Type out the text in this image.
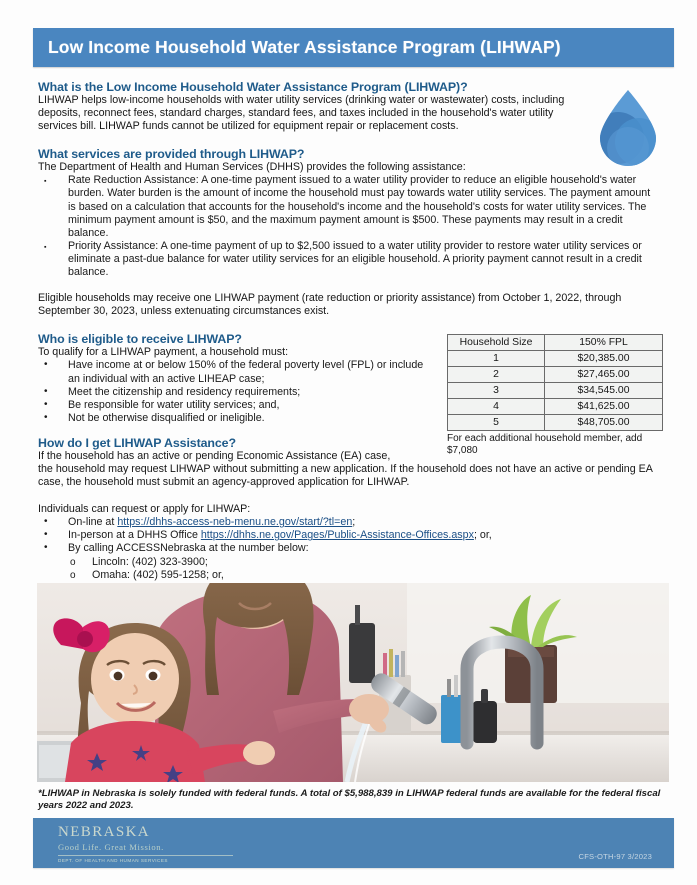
Low Income Household Water Assistance Program (LIHWAP)
What is the Low Income Household Water Assistance Program (LIHWAP)?
LIHWAP helps low-income households with water utility services (drinking water or wastewater) costs, including deposits, reconnect fees, standard charges, standard fees, and taxes included in the household's water utility services bill. LIHWAP funds cannot be utilized for equipment repair or replacement costs.
What services are provided through LIHWAP?
The Department of Health and Human Services (DHHS) provides the following assistance:
▪ Rate Reduction Assistance: A one-time payment issued to a water utility provider to reduce an eligible household's water burden. Water burden is the amount of income the household must pay towards water utility services. The payment amount is based on a calculation that accounts for the household's income and the household's costs for water utility services. The minimum payment amount is $50, and the maximum payment amount is $500. These payments may result in a credit balance.
▪ Priority Assistance: A one-time payment of up to $2,500 issued to a water utility provider to restore water utility services or eliminate a past-due balance for water utility services for an eligible household. A priority payment cannot result in a credit balance.
Eligible households may receive one LIHWAP payment (rate reduction or priority assistance) from October 1, 2022, through September 30, 2023, unless extenuating circumstances exist.
Who is eligible to receive LIHWAP?
To qualify for a LIHWAP payment, a household must:
• Have income at or below 150% of the federal poverty level (FPL) or include an individual with an active LIHEAP case;
• Meet the citizenship and residency requirements;
• Be responsible for water utility services; and,
• Not be otherwise disqualified or ineligible.
How do I get LIHWAP Assistance?
If the household has an active or pending Economic Assistance (EA) case,
the household may request LIHWAP without submitting a new application. If the household does not have an active or pending EA case, the household must submit an agency-approved application for LIHWAP.
Individuals can request or apply for LIHWAP:
• On-line at https://dhhs-access-neb-menu.ne.gov/start/?tl=en;
• In-person at a DHHS Office https://dhhs.ne.gov/Pages/Public-Assistance-Offices.aspx; or,
• By calling ACCESSNebraska at the number below:
o Lincoln: (402) 323-3900;
o Omaha: (402) 595-1258; or,
o
Household Size	150% FPL
1	$20,385.00
2	$27,465.00
3	$34,545.00
4	$41,625.00
5	$48,705.00
For each additional household member, add
$7,080
*LIHWAP in Nebraska is solely funded with federal funds. A total of $5,988,839 in LIHWAP federal funds are available for the federal fiscal years 2022 and 2023.
NEBRASKA
Good Life. Great Mission.
DEPT. OF HEALTH AND HUMAN SERVICES	CFS-OTH-97 3/2023
